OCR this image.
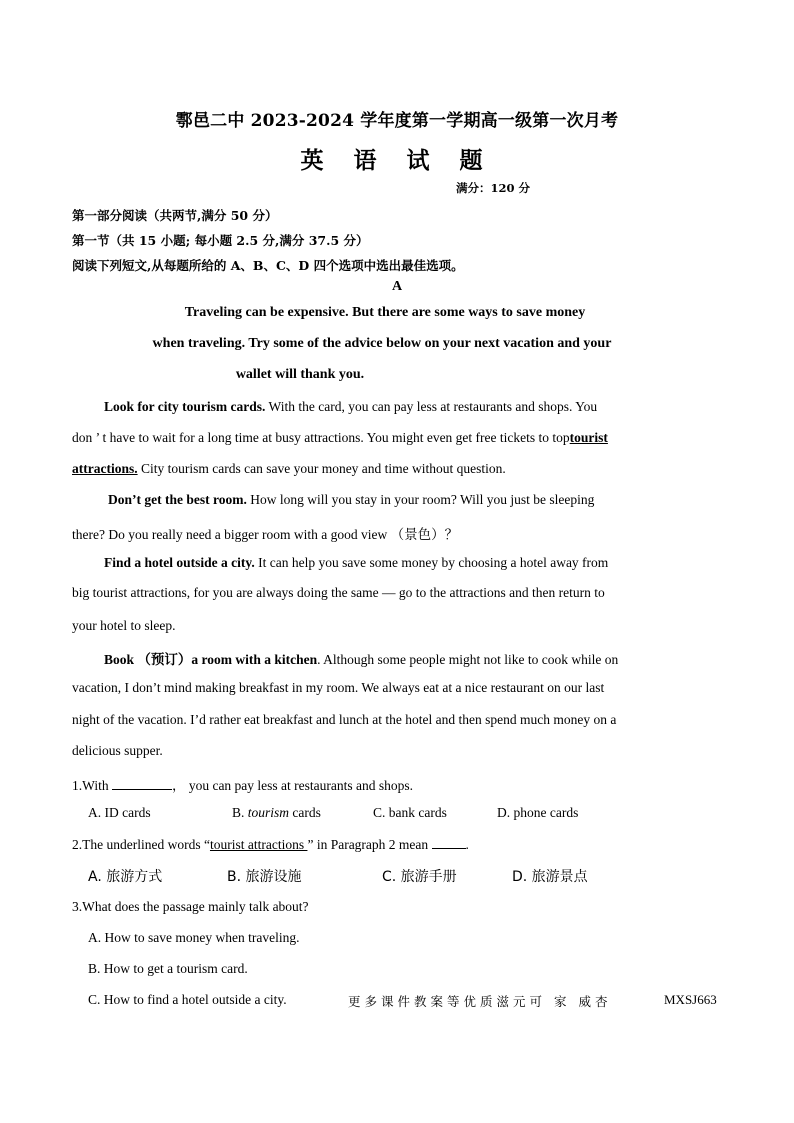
鄠邑二中 2023-2024 学年度第一学期高一级第一次月考
英 语 试 题
满分：120 分
第一部分阅读（共两节,满分 50 分）
第一节（共 15 小题; 每小题 2.5 分,满分 37.5 分）
阅读下列短文,从每题所给的 A、B、C、D 四个选项中选出最佳选项。
A
Traveling can be expensive. But there are some ways to save money
when traveling. Try some of the advice below on your next vacation and your
wallet will thank you.
Look for city tourism cards. With the card, you can pay less at restaurants and shops. You
don ’ t have to wait for a long time at busy attractions. You might even get free tickets to toptourist
attractions. City tourism cards can save your money and time without question.
Don’t get the best room. How long will you stay in your room? Will you just be sleeping
there? Do you really need a bigger room with a good view （景色）？
Find a hotel outside a city. It can help you save some money by choosing a hotel away from
big tourist attractions, for you are always doing the same — go to the attractions and then return to
your hotel to sleep.
Book （预订）a room with a kitchen. Although some people might not like to cook while on
vacation, I don’t mind making breakfast in my room. We always eat at a nice restaurant on our last
night of the vacation. I’d rather eat breakfast and lunch at the hotel and then spend much money on a
delicious supper.
1.With	， you can pay less at restaurants and shops.
A. ID cards	B. tourism cards	C. bank cards	D. phone cards
2.The underlined words “tourist attractions ” in Paragraph 2 mean	.
A. 旅游方式	B. 旅游设施	C. 旅游手册	D. 旅游景点
3.What does the passage mainly talk about?
A. How to save money when traveling.
B. How to get a tourism card.
C. How to find a hotel outside a city.	更多课件教案等优质滋元可 家 威杏	MXSJ663
